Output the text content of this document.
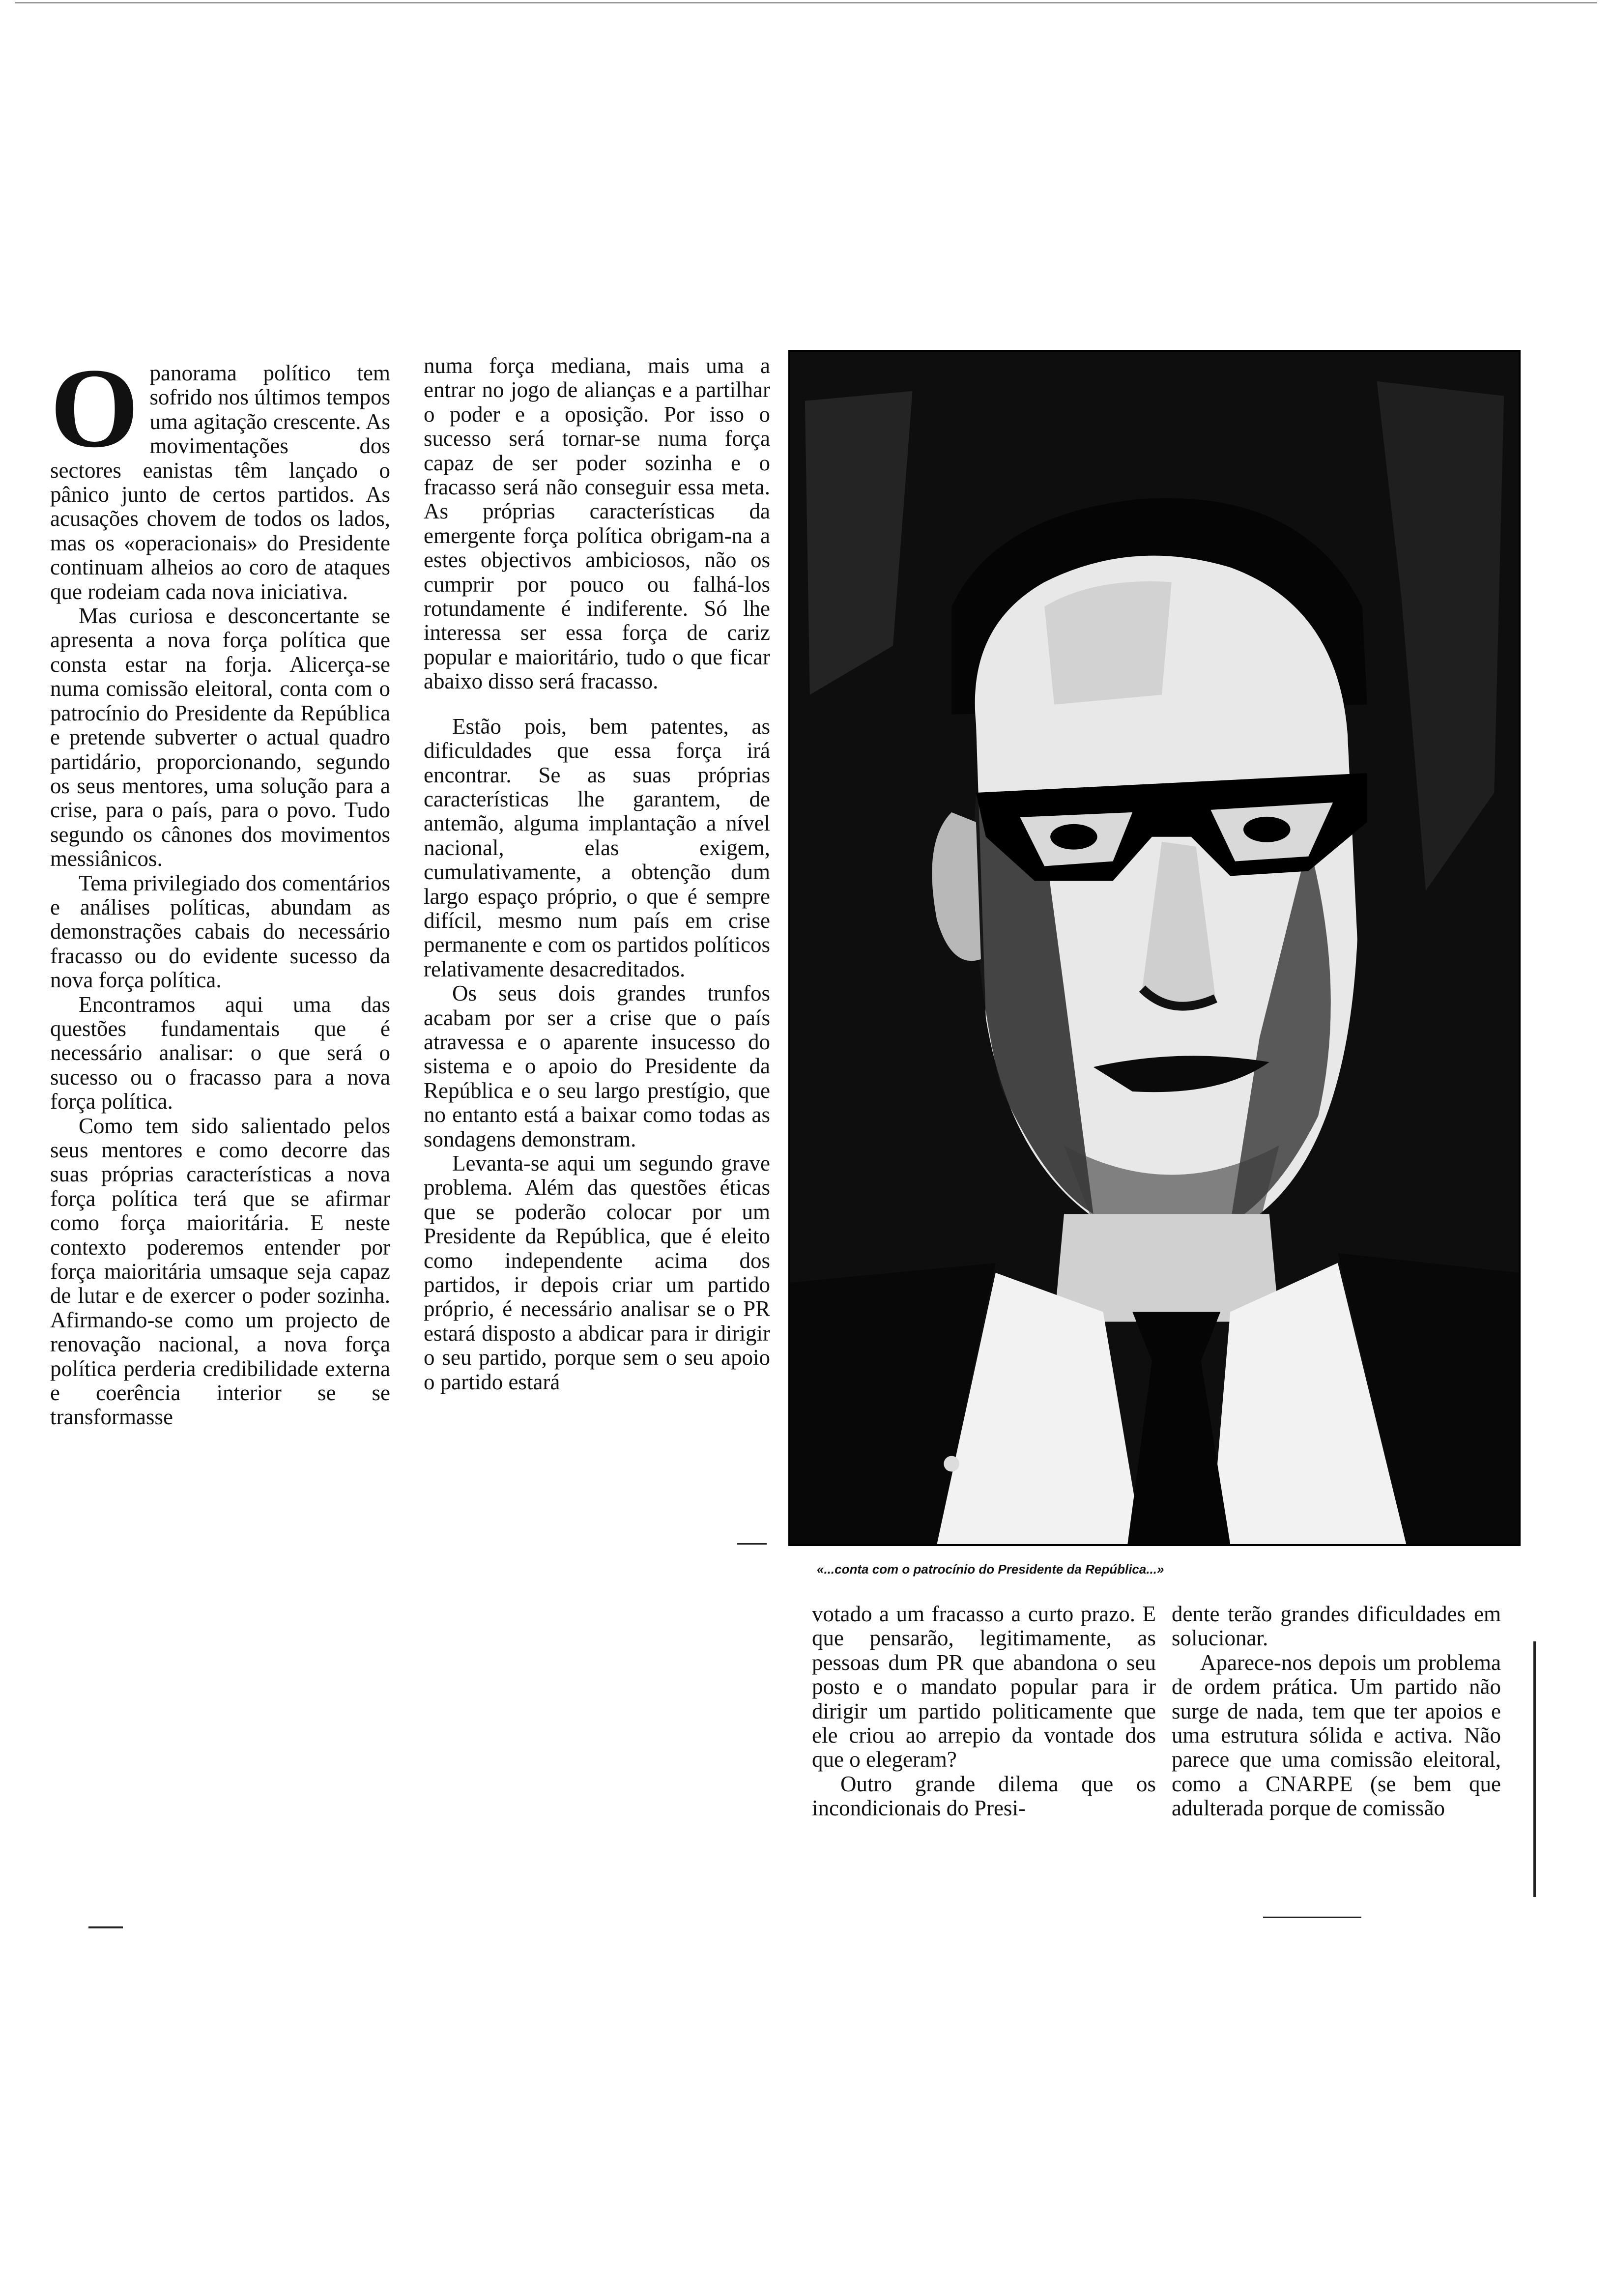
O panorama político tem sofrido nos últimos tempos uma agitação crescente. As movimentações dos sectores eanistas têm lançado o pânico junto de certos partidos. As acusações chovem de todos os lados, mas os «operacionais» do Presidente continuam alheios ao coro de ataques que rodeiam cada nova iniciativa.

Mas curiosa e desconcertante se apresenta a nova força política que consta estar na forja. Alicerça-se numa comissão eleitoral, conta com o patrocínio do Presidente da República e pretende subverter o actual quadro partidário, proporcionando, segundo os seus mentores, uma solução para a crise, para o país, para o povo. Tudo segundo os cânones dos movimentos messiânicos.

Tema privilegiado dos comentários e análises políticas, abundam as demonstrações cabais do necessário fracasso ou do evidente sucesso da nova força política.

Encontramos aqui uma das questões fundamentais que é necessário analisar: o que será o sucesso ou o fracasso para a nova força política.

Como tem sido salientado pelos seus mentores e como decorre das suas próprias características a nova força política terá que se afirmar como força maioritária. E neste contexto poderemos entender por força maioritária umsaque seja capaz de lutar e de exercer o poder sozinha. Afirmando-se como um projecto de renovação nacional, a nova força política perderia credibilidade externa e coerência interior se se transformasse

numa força mediana, mais uma a entrar no jogo de alianças e a partilhar o poder e a oposição. Por isso o sucesso será tornar-se numa força capaz de ser poder sozinha e o fracasso será não conseguir essa meta. As próprias características da emergente força política obrigam-na a estes objectivos ambiciosos, não os cumprir por pouco ou falhá-los rotundamente é indiferente. Só lhe interessa ser essa força de cariz popular e maioritário, tudo o que ficar abaixo disso será fracasso.

Estão pois, bem patentes, as dificuldades que essa força irá encontrar. Se as suas próprias características lhe garantem, de antemão, alguma implantação a nível nacional, elas exigem, cumulativamente, a obtenção dum largo espaço próprio, o que é sempre difícil, mesmo num país em crise permanente e com os partidos políticos relativamente desacreditados.

Os seus dois grandes trunfos acabam por ser a crise que o país atravessa e o aparente insucesso do sistema e o apoio do Presidente da República e o seu largo prestígio, que no entanto está a baixar como todas as sondagens demonstram.

Levanta-se aqui um segundo grave problema. Além das questões éticas que se poderão colocar por um Presidente da República, que é eleito como independente acima dos partidos, ir depois criar um partido próprio, é necessário analisar se o PR estará disposto a abdicar para ir dirigir o seu partido, porque sem o seu apoio o partido estará

«...conta com o patrocínio do Presidente da República...»

votado a um fracasso a curto prazo. E que pensarão, legitimamente, as pessoas dum PR que abandona o seu posto e o mandato popular para ir dirigir um partido politicamente que ele criou ao arrepio da vontade dos que o elegeram?

Outro grande dilema que os incondicionais do Presi-

dente terão grandes dificuldades em solucionar.

Aparece-nos depois um problema de ordem prática. Um partido não surge de nada, tem que ter apoios e uma estrutura sólida e activa. Não parece que uma comissão eleitoral, como a CNARPE (se bem que adulterada porque de comissão
